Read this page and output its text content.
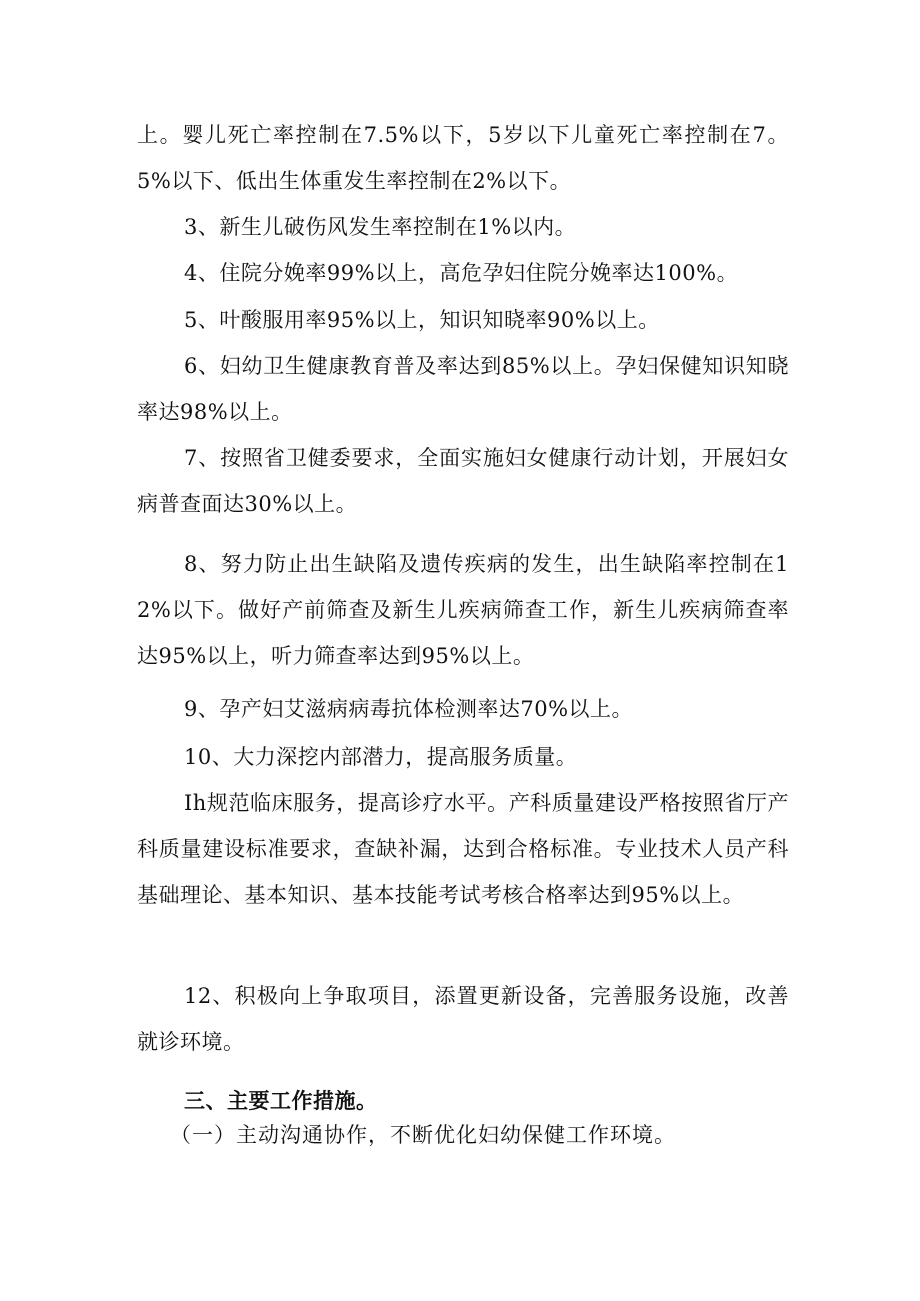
上。婴儿死亡率控制在7.5%以下，5岁以下儿童死亡率控制在7。5%以下、低出生体重发生率控制在2%以下。

3、新生儿破伤风发生率控制在1%以内。

4、住院分娩率99%以上，高危孕妇住院分娩率达100%。

5、叶酸服用率95%以上，知识知晓率90%以上。

6、妇幼卫生健康教育普及率达到85%以上。孕妇保健知识知晓率达98%以上。

7、按照省卫健委要求，全面实施妇女健康行动计划，开展妇女病普查面达30%以上。

8、努力防止出生缺陷及遗传疾病的发生，出生缺陷率控制在12%以下。做好产前筛查及新生儿疾病筛查工作，新生儿疾病筛查率达95%以上，听力筛查率达到95%以上。

9、孕产妇艾滋病病毒抗体检测率达70%以上。

10、大力深挖内部潜力，提高服务质量。

Ih规范临床服务，提高诊疗水平。产科质量建设严格按照省厅产科质量建设标准要求，查缺补漏，达到合格标准。专业技术人员产科基础理论、基本知识、基本技能考试考核合格率达到95%以上。

12、积极向上争取项目，添置更新设备，完善服务设施，改善就诊环境。

三、主要工作措施。

（一）主动沟通协作，不断优化妇幼保健工作环境。
